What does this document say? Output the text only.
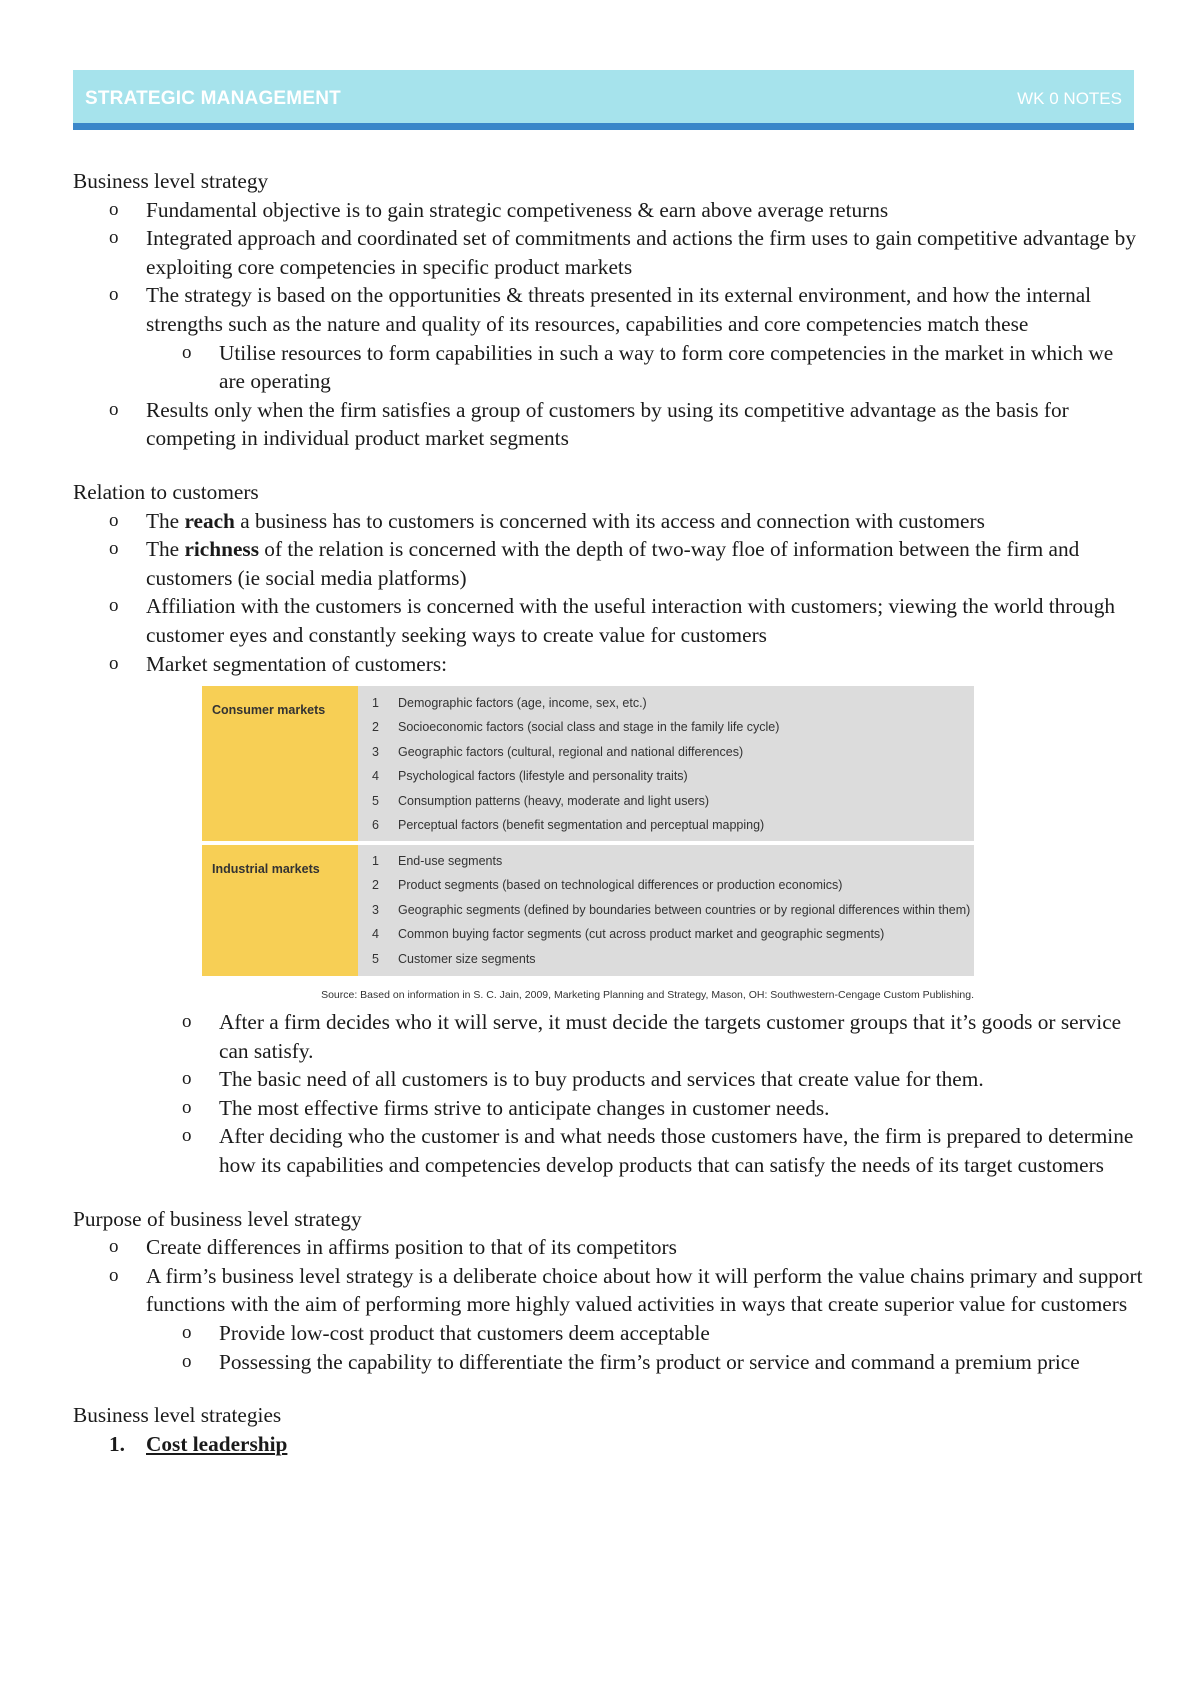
STRATEGIC MANAGEMENT	WK 0 NOTES

Business level strategy

o Fundamental objective is to gain strategic competiveness & earn above average returns
o Integrated approach and coordinated set of commitments and actions the firm uses to gain competitive advantage by exploiting core competencies in specific product markets
o The strategy is based on the opportunities & threats presented in its external environment, and how the internal strengths such as the nature and quality of its resources, capabilities and core competencies match these
o Utilise resources to form capabilities in such a way to form core competencies in the market in which we are operating
o Results only when the firm satisfies a group of customers by using its competitive advantage as the basis for competing in individual product market segments

Relation to customers

o The reach a business has to customers is concerned with its access and connection with customers
o The richness of the relation is concerned with the depth of two-way floe of information between the firm and customers (ie social media platforms)
o Affiliation with the customers is concerned with the useful interaction with customers; viewing the world through customer eyes and constantly seeking ways to create value for customers
o Market segmentation of customers:
Consumer markets	1 Demographic factors (age, income, sex, etc.)
2 Socioeconomic factors (social class and stage in the family life cycle)
3 Geographic factors (cultural, regional and national differences)
4 Psychological factors (lifestyle and personality traits)
5 Consumption patterns (heavy, moderate and light users)
6 Perceptual factors (benefit segmentation and perceptual mapping)
Industrial markets
1 End-use segments
2 Product segments (based on technological differences or production economics)
3 Geographic segments (defined by boundaries between countries or by regional differences within them)
4 Common buying factor segments (cut across product market and geographic segments)
5 Customer size segments
Source: Based on information in S. C. Jain, 2009, Marketing Planning and Strategy, Mason, OH: Southwestern-Cengage Custom Publishing.
o After a firm decides who it will serve, it must decide the targets customer groups that it’s goods or service can satisfy.
o The basic need of all customers is to buy products and services that create value for them.
o The most effective firms strive to anticipate changes in customer needs.
o After deciding who the customer is and what needs those customers have, the firm is prepared to determine how its capabilities and competencies develop products that can satisfy the needs of its target customers

Purpose of business level strategy

o Create differences in affirms position to that of its competitors
o A firm’s business level strategy is a deliberate choice about how it will perform the value chains primary and support functions with the aim of performing more highly valued activities in ways that create superior value for customers
o Provide low-cost product that customers deem acceptable
o Possessing the capability to differentiate the firm’s product or service and command a premium price

Business level strategies

1. Cost leadership
